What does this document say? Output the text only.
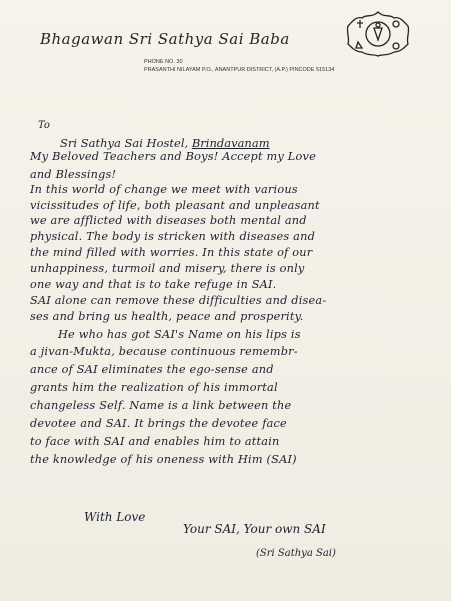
Bhagawan Sri Sathya Sai Baba
PHONE NO. 30
PRASANTHI NILAYAM P.O., ANANTPUR DISTRICT, (A.P.) PINCODE 515134
To
Sri Sathya Sai Hostel, Brindavanam
My Beloved Teachers and Boys! Accept my Love
and Blessings!
In this world of change we meet with various
vicissitudes of life, both pleasant and unpleasant
we are afflicted with diseases both mental and
physical. The body is stricken with diseases and
the mind filled with worries. In this state of our
unhappiness, turmoil and misery, there is only
one way and that is to take refuge in SAI.
SAI alone can remove these difficulties and disea-
ses and bring us health, peace and prosperity.
He who has got SAI's Name on his lips is
a jivan-Mukta, because continuous remembr-
ance of SAI eliminates the ego-sense and
grants him the realization of his immortal
changeless Self. Name is a link between the
devotee and SAI. It brings the devotee face
to face with SAI and enables him to attain
the knowledge of his oneness with Him (SAI)
With Love
Your SAI, Your own SAI
(Sri Sathya Sai)
